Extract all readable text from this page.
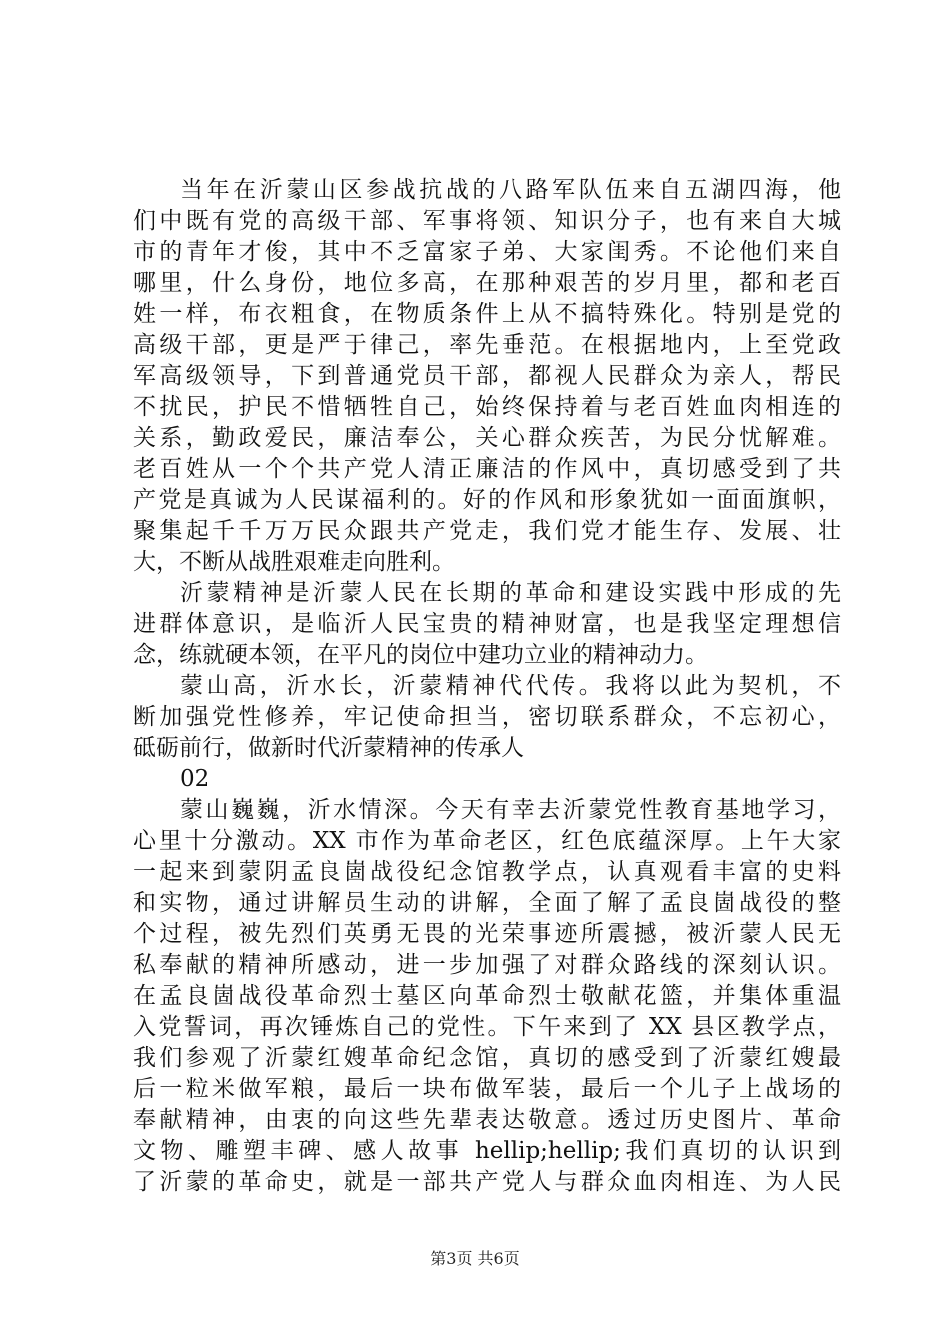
当年在沂蒙山区参战抗战的八路军队伍来自五湖四海，他
们中既有党的高级干部、军事将领、知识分子，也有来自大城
市的青年才俊，其中不乏富家子弟、大家闺秀。不论他们来自
哪里，什么身份，地位多高，在那种艰苦的岁月里，都和老百
姓一样，布衣粗食，在物质条件上从不搞特殊化。特别是党的
高级干部，更是严于律己，率先垂范。在根据地内，上至党政
军高级领导，下到普通党员干部，都视人民群众为亲人，帮民
不扰民，护民不惜牺牲自己，始终保持着与老百姓血肉相连的
关系，勤政爱民，廉洁奉公，关心群众疾苦，为民分忧解难。
老百姓从一个个共产党人清正廉洁的作风中，真切感受到了共
产党是真诚为人民谋福利的。好的作风和形象犹如一面面旗帜，
聚集起千千万万民众跟共产党走，我们党才能生存、发展、壮
大，不断从战胜艰难走向胜利。
沂蒙精神是沂蒙人民在长期的革命和建设实践中形成的先
进群体意识，是临沂人民宝贵的精神财富，也是我坚定理想信
念，练就硬本领，在平凡的岗位中建功立业的精神动力。
蒙山高，沂水长，沂蒙精神代代传。我将以此为契机，不
断加强党性修养，牢记使命担当，密切联系群众，不忘初心，
砥砺前行，做新时代沂蒙精神的传承人
02
蒙山巍巍，沂水情深。今天有幸去沂蒙党性教育基地学习，
心里十分激动。XX 市作为革命老区，红色底蕴深厚。上午大家
一起来到蒙阴孟良崮战役纪念馆教学点，认真观看丰富的史料
和实物，通过讲解员生动的讲解，全面了解了孟良崮战役的整
个过程，被先烈们英勇无畏的光荣事迹所震撼，被沂蒙人民无
私奉献的精神所感动，进一步加强了对群众路线的深刻认识。
在孟良崮战役革命烈士墓区向革命烈士敬献花篮，并集体重温
入党誓词，再次锤炼自己的党性。下午来到了 XX 县区教学点，
我们参观了沂蒙红嫂革命纪念馆，真切的感受到了沂蒙红嫂最
后一粒米做军粮，最后一块布做军装，最后一个儿子上战场的
奉献精神，由衷的向这些先辈表达敬意。透过历史图片、革命
文物、雕塑丰碑、感人故事 hellip;hellip;我们真切的认识到
了沂蒙的革命史，就是一部共产党人与群众血肉相连、为人民
第3页 共6页
